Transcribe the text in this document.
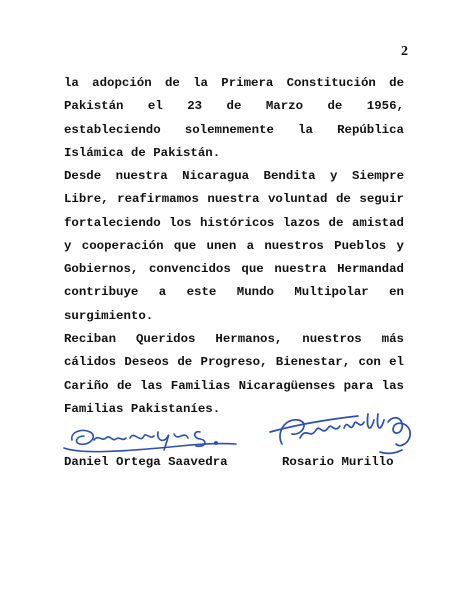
2

la adopción de la Primera Constitución de Pakistán el 23 de Marzo de 1956, estableciendo solemnemente la República Islámica de Pakistán.

Desde nuestra Nicaragua Bendita y Siempre Libre, reafirmamos nuestra voluntad de seguir fortaleciendo los históricos lazos de amistad y cooperación que unen a nuestros Pueblos y Gobiernos, convencidos que nuestra Hermandad contribuye a este Mundo Multipolar en surgimiento.

Reciban Queridos Hermanos, nuestros más cálidos Deseos de Progreso, Bienestar, con el Cariño de las Familias Nicaragüenses para las Familias Pakistaníes.

Daniel Ortega Saavedra	Rosario Murillo
